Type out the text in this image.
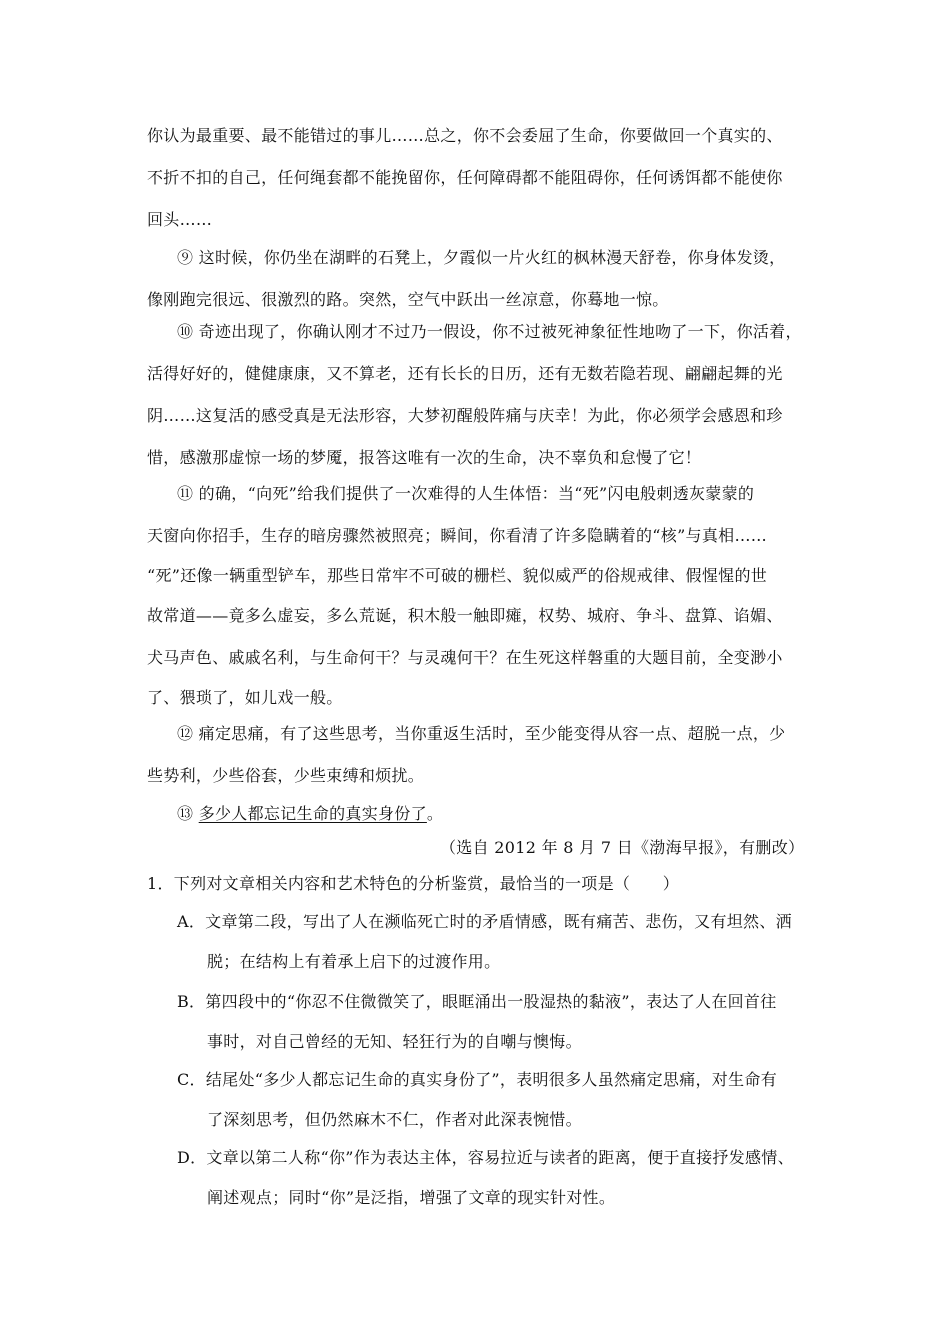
你认为最重要、最不能错过的事儿……总之，你不会委屈了生命，你要做回一个真实的、
不折不扣的自己，任何绳套都不能挽留你，任何障碍都不能阻碍你，任何诱饵都不能使你
回头……
⑨ 这时候，你仍坐在湖畔的石凳上，夕霞似一片火红的枫林漫天舒卷，你身体发烫，
像刚跑完很远、很激烈的路。突然，空气中跃出一丝凉意，你蓦地一惊。
⑩ 奇迹出现了，你确认刚才不过乃一假设，你不过被死神象征性地吻了一下，你活着，
活得好好的，健健康康，又不算老，还有长长的日历，还有无数若隐若现、翩翩起舞的光
阴……这复活的感受真是无法形容，大梦初醒般阵痛与庆幸！为此，你必须学会感恩和珍
惜，感激那虚惊一场的梦魇，报答这唯有一次的生命，决不辜负和怠慢了它！
⑪ 的确，“向死”给我们提供了一次难得的人生体悟：当“死”闪电般刺透灰蒙蒙的
天窗向你招手，生存的暗房骤然被照亮；瞬间，你看清了许多隐瞒着的“核”与真相……
“死”还像一辆重型铲车，那些日常牢不可破的栅栏、貌似威严的俗规戒律、假惺惺的世
故常道——竟多么虚妄，多么荒诞，积木般一触即瘫，权势、城府、争斗、盘算、谄媚、
犬马声色、戚戚名利，与生命何干？与灵魂何干？在生死这样磐重的大题目前，全变渺小
了、猥琐了，如儿戏一般。
⑫ 痛定思痛，有了这些思考，当你重返生活时，至少能变得从容一点、超脱一点，少
些势利，少些俗套，少些束缚和烦扰。
⑬ 多少人都忘记生命的真实身份了。
（选自 2012 年 8 月 7 日《渤海早报》，有删改）
1．下列对文章相关内容和艺术特色的分析鉴赏，最恰当的一项是（　　）
A．文章第二段，写出了人在濒临死亡时的矛盾情感，既有痛苦、悲伤，又有坦然、洒
脱；在结构上有着承上启下的过渡作用。
B．第四段中的“你忍不住微微笑了，眼眶涌出一股湿热的黏液”，表达了人在回首往
事时，对自己曾经的无知、轻狂行为的自嘲与懊悔。
C．结尾处“多少人都忘记生命的真实身份了”，表明很多人虽然痛定思痛，对生命有
了深刻思考，但仍然麻木不仁，作者对此深表惋惜。
D．文章以第二人称“你”作为表达主体，容易拉近与读者的距离，便于直接抒发感情、
阐述观点；同时“你”是泛指，增强了文章的现实针对性。
